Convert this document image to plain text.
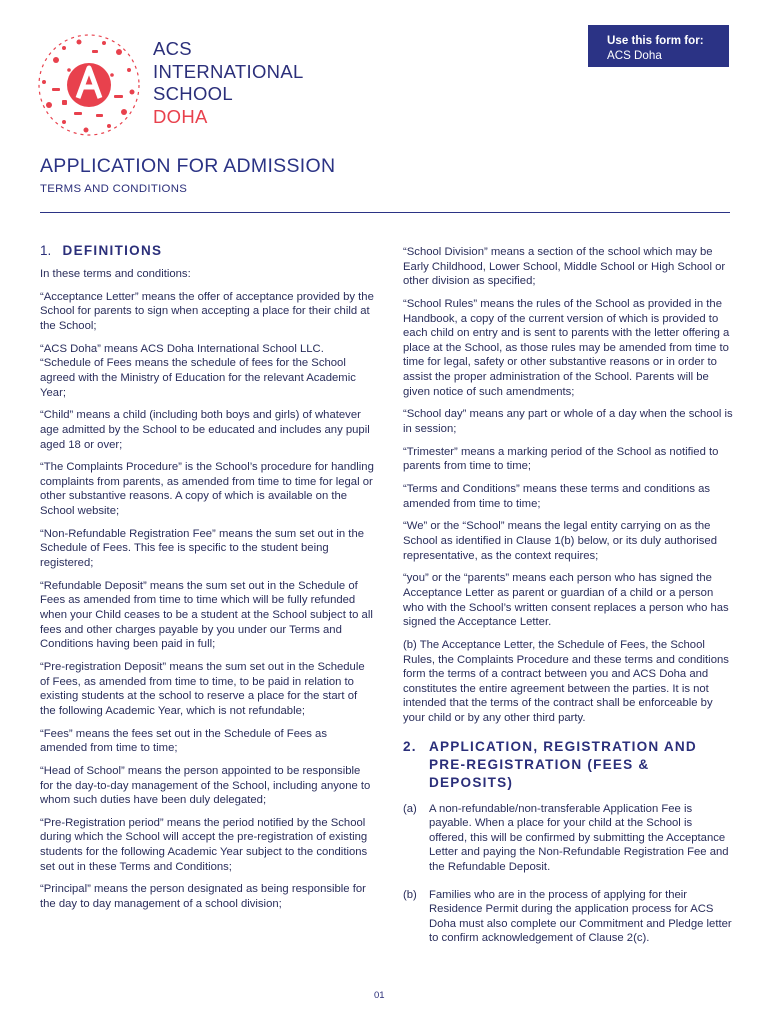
ACS
INTERNATIONAL
SCHOOL
DOHA
Use this form for:
ACS Doha
APPLICATION FOR ADMISSION
TERMS AND CONDITIONS
1. DEFINITIONS

In these terms and conditions:

“Acceptance Letter” means the offer of acceptance provided by the School for parents to sign when accepting a place for their child at the School;

“ACS Doha” means ACS Doha International School LLC. “Schedule of Fees means the schedule of fees for the School agreed with the Ministry of Education for the relevant Academic Year;

“Child” means a child (including both boys and girls) of whatever age admitted by the School to be educated and includes any pupil aged 18 or over;

“The Complaints Procedure” is the School’s procedure for handling complaints from parents, as amended from time to time for legal or other substantive reasons. A copy of which is available on the School website;

“Non-Refundable Registration Fee” means the sum set out in the Schedule of Fees. This fee is specific to the student being registered;

“Refundable Deposit” means the sum set out in the Schedule of Fees as amended from time to time which will be fully refunded when your Child ceases to be a student at the School subject to all fees and other charges payable by you under our Terms and Conditions having been paid in full;

“Pre-registration Deposit” means the sum set out in the Schedule of Fees, as amended from time to time, to be paid in relation to existing students at the school to reserve a place for the start of the following Academic Year, which is not refundable;

“Fees” means the fees set out in the Schedule of Fees as amended from time to time;

“Head of School” means the person appointed to be responsible for the day-to-day management of the School, including anyone to whom such duties have been duly delegated;

“Pre-Registration period” means the period notified by the School during which the School will accept the pre-registration of existing students for the following Academic Year subject to the conditions set out in these Terms and Conditions;

“Principal” means the person designated as being responsible for the day to day management of a school division;

“School Division” means a section of the school which may be Early Childhood, Lower School, Middle School or High School or other division as specified;

“School Rules” means the rules of the School as provided in the Handbook, a copy of the current version of which is provided to each child on entry and is sent to parents with the letter offering a place at the School, as those rules may be amended from time to time for legal, safety or other substantive reasons or in order to assist the proper administration of the School. Parents will be given notice of such amendments;

“School day” means any part or whole of a day when the school is in session;

“Trimester” means a marking period of the School as notified to parents from time to time;

“Terms and Conditions” means these terms and conditions as amended from time to time;

“We” or the “School” means the legal entity carrying on as the School as identified in Clause 1(b) below, or its duly authorised representative, as the context requires;

“you” or the “parents” means each person who has signed the Acceptance Letter as parent or guardian of a child or a person who with the School’s written consent replaces a person who has signed the Acceptance Letter.

(b) The Acceptance Letter, the Schedule of Fees, the School Rules, the Complaints Procedure and these terms and conditions form the terms of a contract between you and ACS Doha and constitutes the entire agreement between the parties. It is not intended that the terms of the contract shall be enforceable by your child or by any other third party.

2. APPLICATION, REGISTRATION AND PRE-REGISTRATION (FEES & DEPOSITS)
(a) A non-refundable/non-transferable Application Fee is payable. When a place for your child at the School is offered, this will be confirmed by submitting the Acceptance Letter and paying the Non-Refundable Registration Fee and the Refundable Deposit.
(b) Families who are in the process of applying for their Residence Permit during the application process for ACS Doha must also complete our Commitment and Pledge letter to confirm acknowledgement of Clause 2(c).
01
